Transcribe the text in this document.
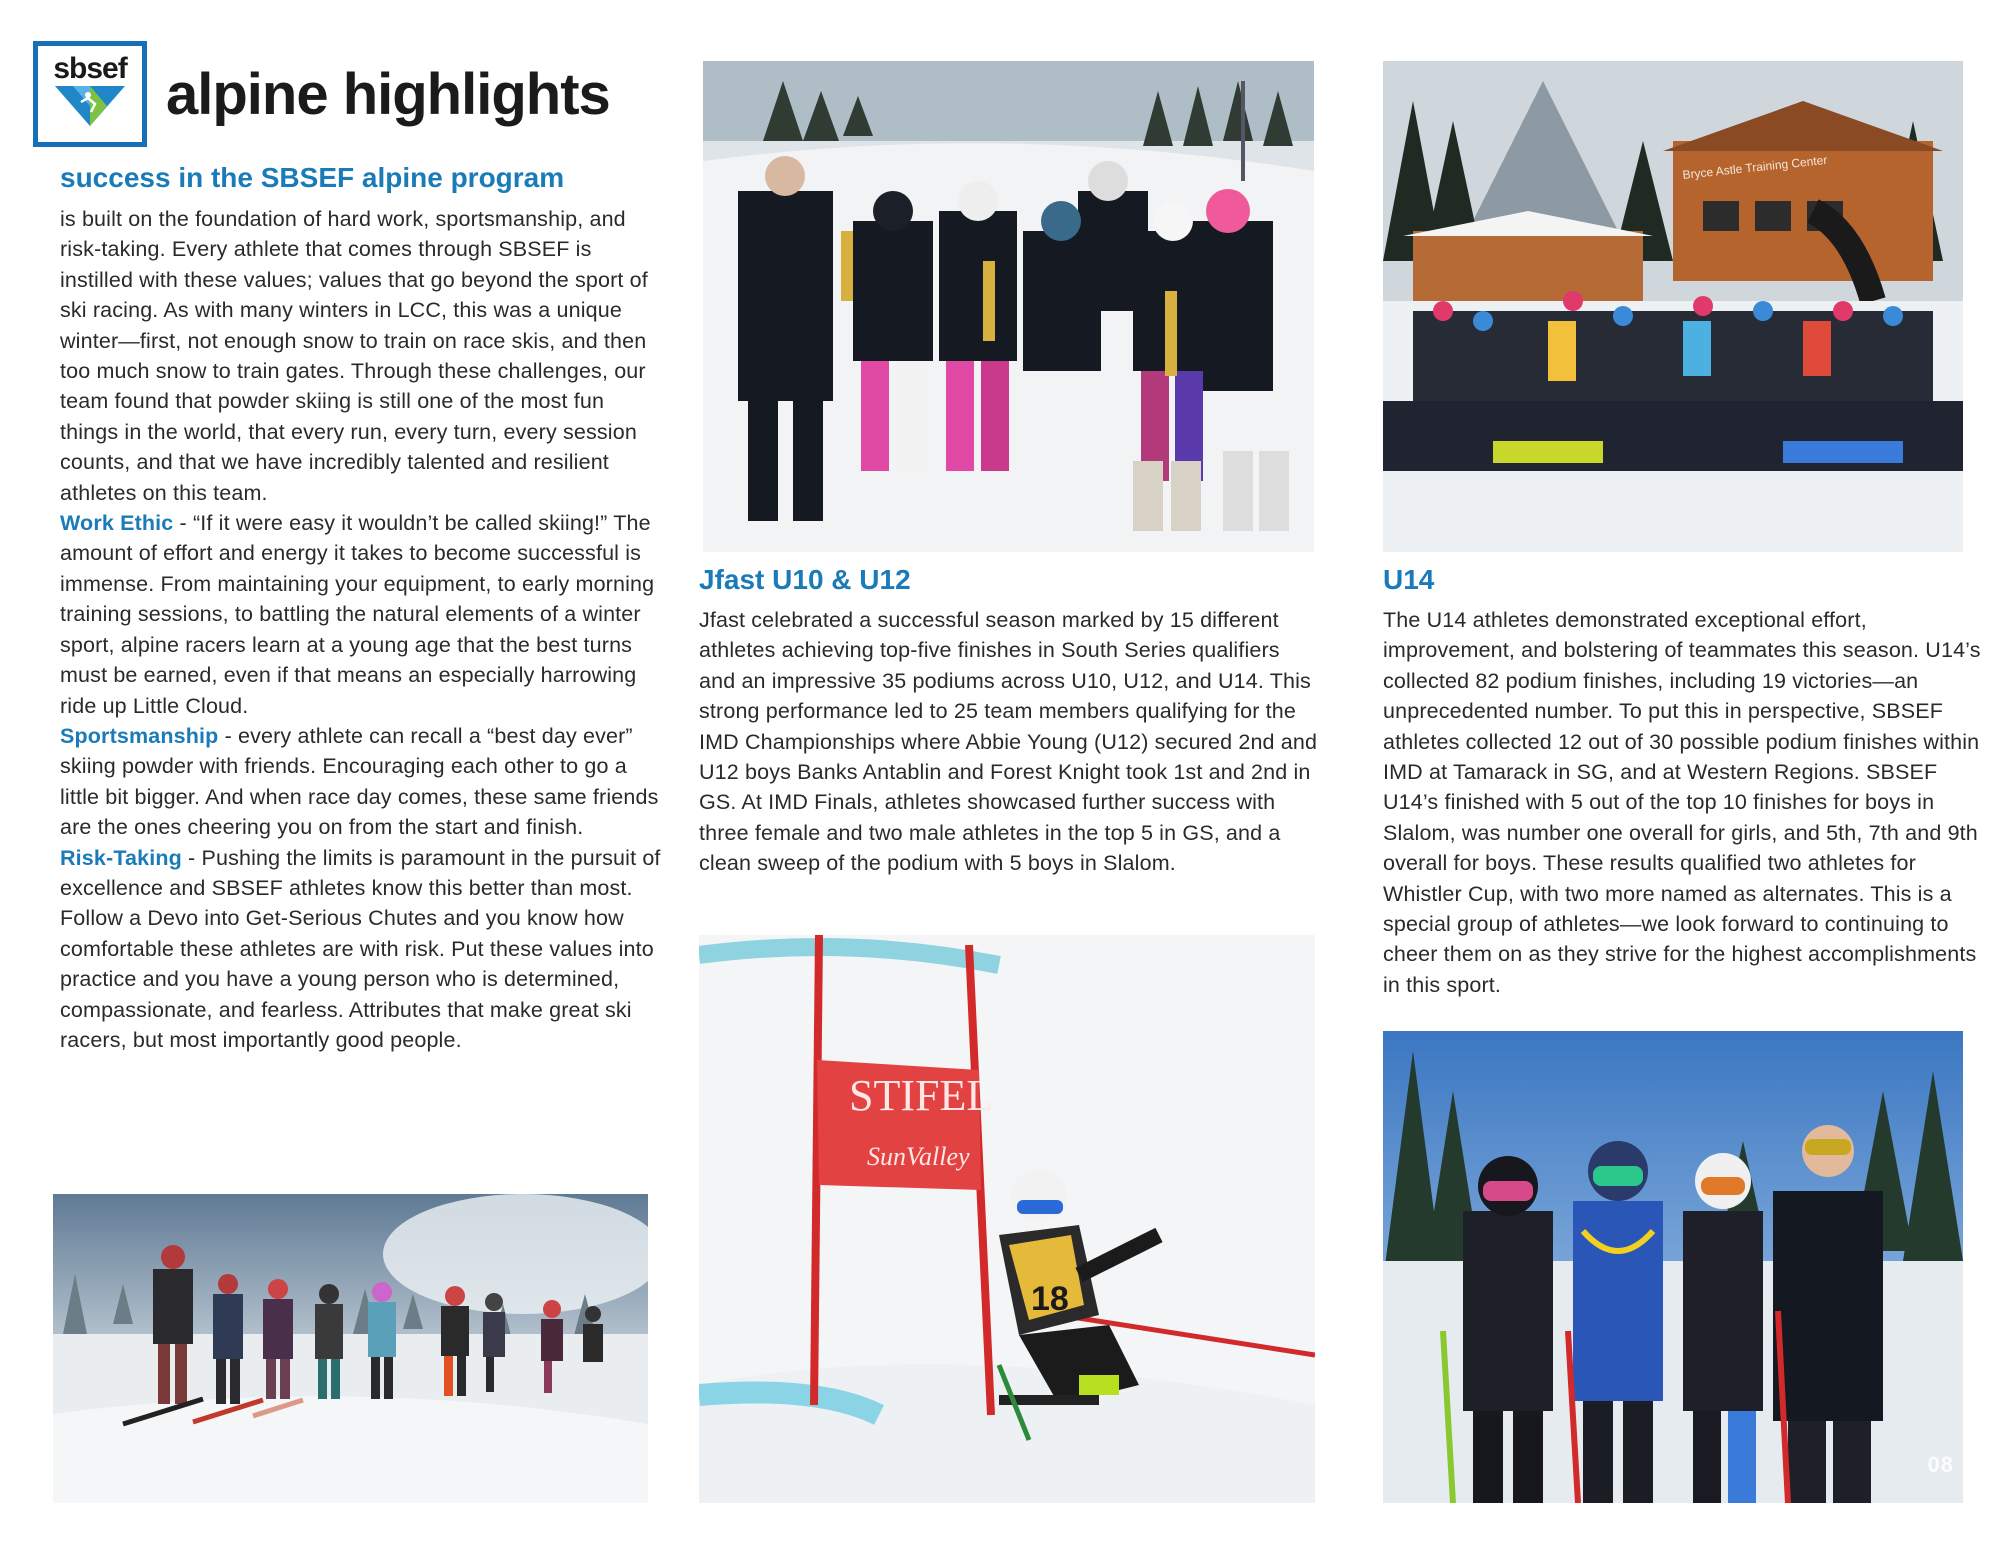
sbsef alpine highlights
success in the SBSEF alpine program

is built on the foundation of hard work, sportsmanship, and risk-taking. Every athlete that comes through SBSEF is instilled with these values; values that go beyond the sport of ski racing. As with many winters in LCC, this was a unique winter—first, not enough snow to train on race skis, and then too much snow to train gates. Through these challenges, our team found that powder skiing is still one of the most fun things in the world, that every run, every turn, every session counts, and that we have incredibly talented and resilient athletes on this team.

Work Ethic - “If it were easy it wouldn’t be called skiing!” The amount of effort and energy it takes to become successful is immense. From maintaining your equipment, to early morning training sessions, to battling the natural elements of a winter sport, alpine racers learn at a young age that the best turns must be earned, even if that means an especially harrowing ride up Little Cloud.

Sportsmanship - every athlete can recall a “best day ever” skiing powder with friends. Encouraging each other to go a little bit bigger. And when race day comes, these same friends are the ones cheering you on from the start and finish.

Risk-Taking - Pushing the limits is paramount in the pursuit of excellence and SBSEF athletes know this better than most. Follow a Devo into Get-Serious Chutes and you know how comfortable these athletes are with risk. Put these values into practice and you have a young person who is determined, compassionate, and fearless. Attributes that make great ski racers, but most importantly good people.

Jfast U10 & U12
Jfast celebrated a successful season marked by 15 different athletes achieving top-five finishes in South Series qualifiers and an impressive 35 podiums across U10, U12, and U14. This strong performance led to 25 team members qualifying for the IMD Championships where Abbie Young (U12) secured 2nd and U12 boys Banks Antablin and Forest Knight took 1st and 2nd in GS. At IMD Finals, athletes showcased further success with three female and two male athletes in the top 5 in GS, and a clean sweep of the podium with 5 boys in Slalom.
STIFEL
SunValley
18
Bryce Astle Training Center
U14
The U14 athletes demonstrated exceptional effort, improvement, and bolstering of teammates this season. U14’s collected 82 podium finishes, including 19 victories—an unprecedented number. To put this in perspective, SBSEF athletes collected 12 out of 30 possible podium finishes within IMD at Tamarack in SG, and at Western Regions. SBSEF U14’s finished with 5 out of the top 10 finishes for boys in Slalom, was number one overall for girls, and 5th, 7th and 9th overall for boys. These results qualified two athletes for Whistler Cup, with two more named as alternates. This is a special group of athletes—we look forward to continuing to cheer them on as they strive for the highest accomplishments in this sport.
08
